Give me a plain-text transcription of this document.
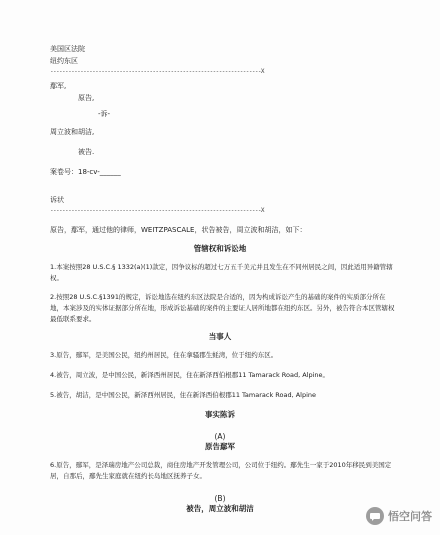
美国区法院
纽约东区
----------------------------------------------------------------------X
鄢军,
原告,
-诉-
周立波和胡洁,
被告.
案卷号：18-cv-______
诉状
----------------------------------------------------------------------X
原告，鄢军，通过他的律师，WEITZPASCALE，状告被告，周立波和胡洁，如下：
管辖权和诉讼地
1.本案按照28 U.S.C.§ 1332(a)(1)款定，因争议标的超过七万五千美元并且发生在不同州居民之间，因此适用异籍管辖权。
2.按照28 U.S.C.§1391的规定，诉讼地选在纽约东区法院是合适的，因为构成诉讼产生的基础的案件的实质部分所在地，本案涉及的实体证据部分所在地，形成诉讼基础的案件的主要证人居所地都在纽约东区。另外，被告符合本区管辖权最低联系要求。
当事人
3.原告，鄢军，是美国公民，纽约州居民，住在拿骚郡生蚝湾，位于纽约东区。
4.被告，周立波，是中国公民，新泽西州居民，住在新泽西伯根郡11 Tamarack Road, Alpine。
5.被告，胡洁，是中国公民，新泽西州居民，住在新泽西伯根郡11 Tamarack Road, Alpine
事实陈诉
(A)
原告鄢军
6.原告，鄢军，是泽瑞房地产公司总裁，商住房地产开发管理公司，公司位于纽约。鄢先生一家于2010年移民到美国定居，自那后，鄢先生家庭就在纽约长岛地区抚养子女。
(B)
被告，周立波和胡洁
悟空问答
